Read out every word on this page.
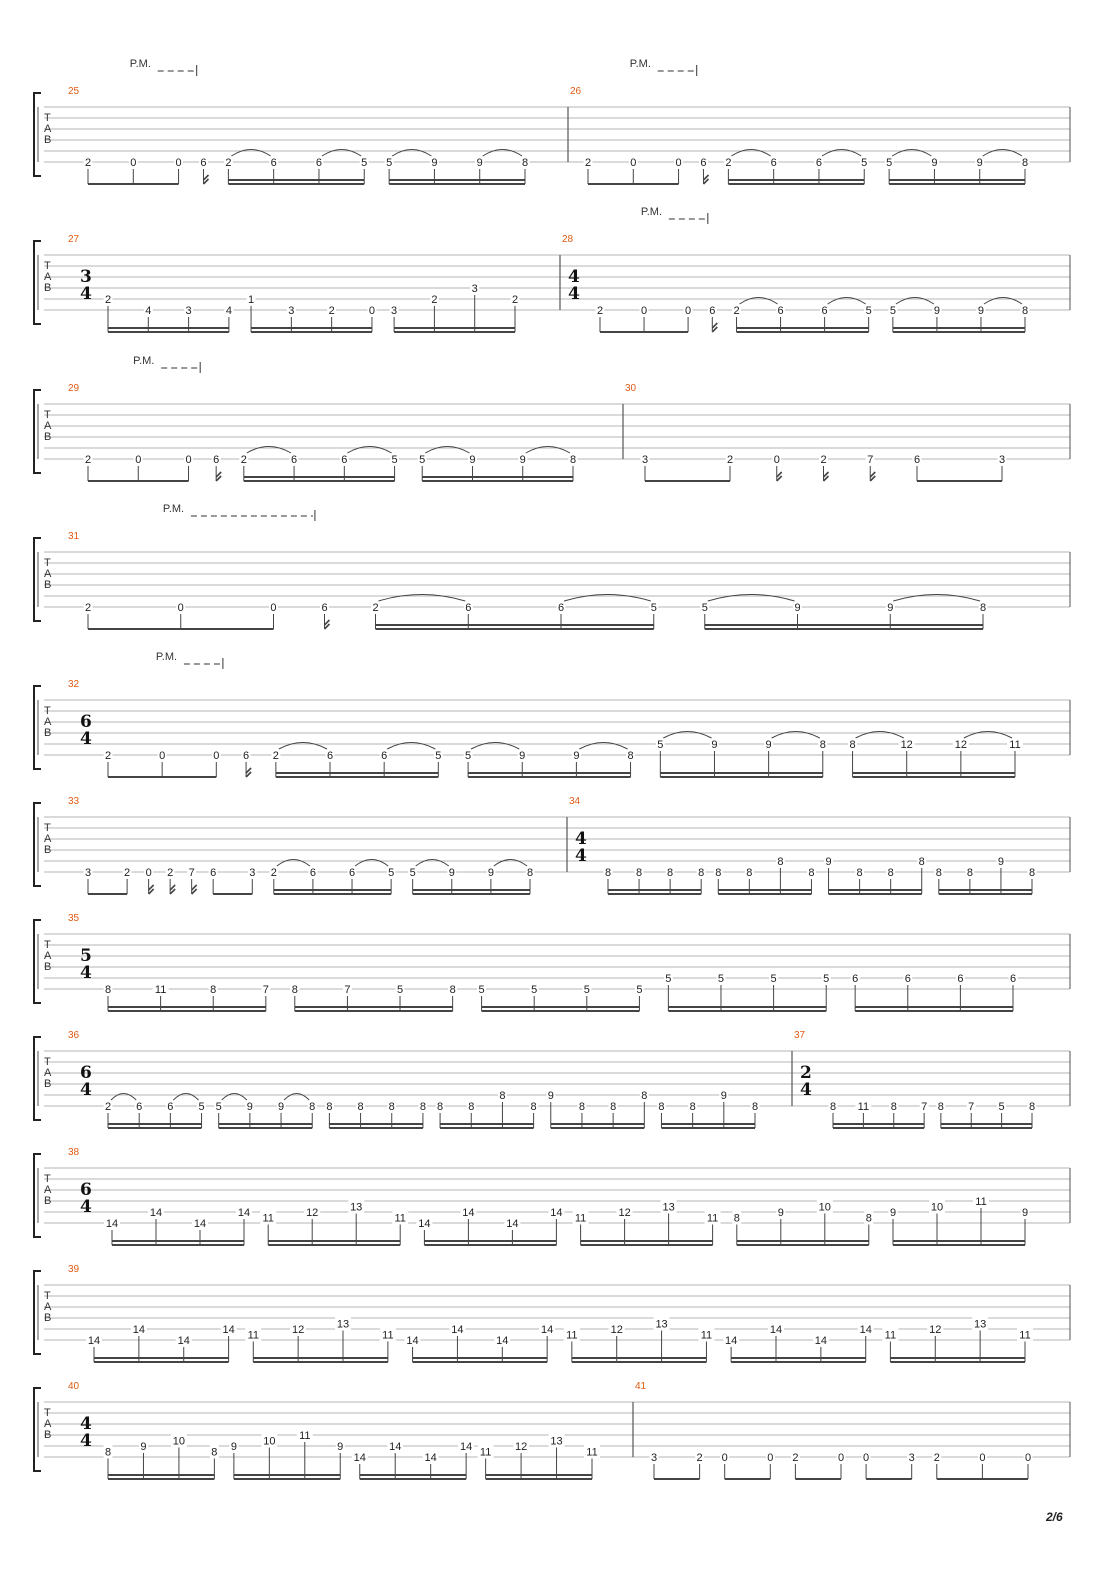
T
A
B
25
P.M.
2	0	0 6 2	6	6	5 5	9	9	8
26
P.M.
2	0	0 6 2	6	6	5 5	9	9	8
T
A
B
27
3
4 2
4	3	4
1
3	2	0 3
2
3
2
28
4
4
P.M.
2	0	0 6 2	6	6	5 5	9	9	8
T
A
B
29
P.M.
2	0	0 6 2	6	6	5 5	9	9	8
30
3	2	0	2	7	6	3
T
A
B
31
P.M.
2	0	0	6	2	6	6	5	5	9	9	8
T
A
B
32
6
4
P.M.
2	0	0 6 2	6	6	5 5	9	9	8
5	9	9	8 8	12	12	11
T
A
B
33
3	2 0 2 7 6	3 2	6	6	5 5	9	9	8
34
4
4
8 8 8 8 8 8
8
8
9
8 8
8
8 8
9
8
T
A
B
35
5
4
8	11	8	7 8	7	5	8 5	5	5	5
5	5	5	5 6	6	6	6
T
A
B
36
6
4
2 6 6 5 5 9 9 8 8 8 8 8 8 8
8
8
9
8 8
8
8 8
9
8
37
2
4
8 11 8 7 8 7 5 8
T
A
B
38
6
4
14
14
14
14 11	12	13
11 14
14
14
14 11	12	13
11 8	9	10
8 9	10	11
9
T
A
B
39
14
14
14
14 11	12	13
11 14
14
14
14 11	12	13
11 14
14
14
14 11	12	13
11
T
A
B
40
4
4
8	9 10
8 9 10 11
9
14
14
14
14 11 12 13
11
41
3	2 0	0 2	0 0	3 2	0	0
2/6
